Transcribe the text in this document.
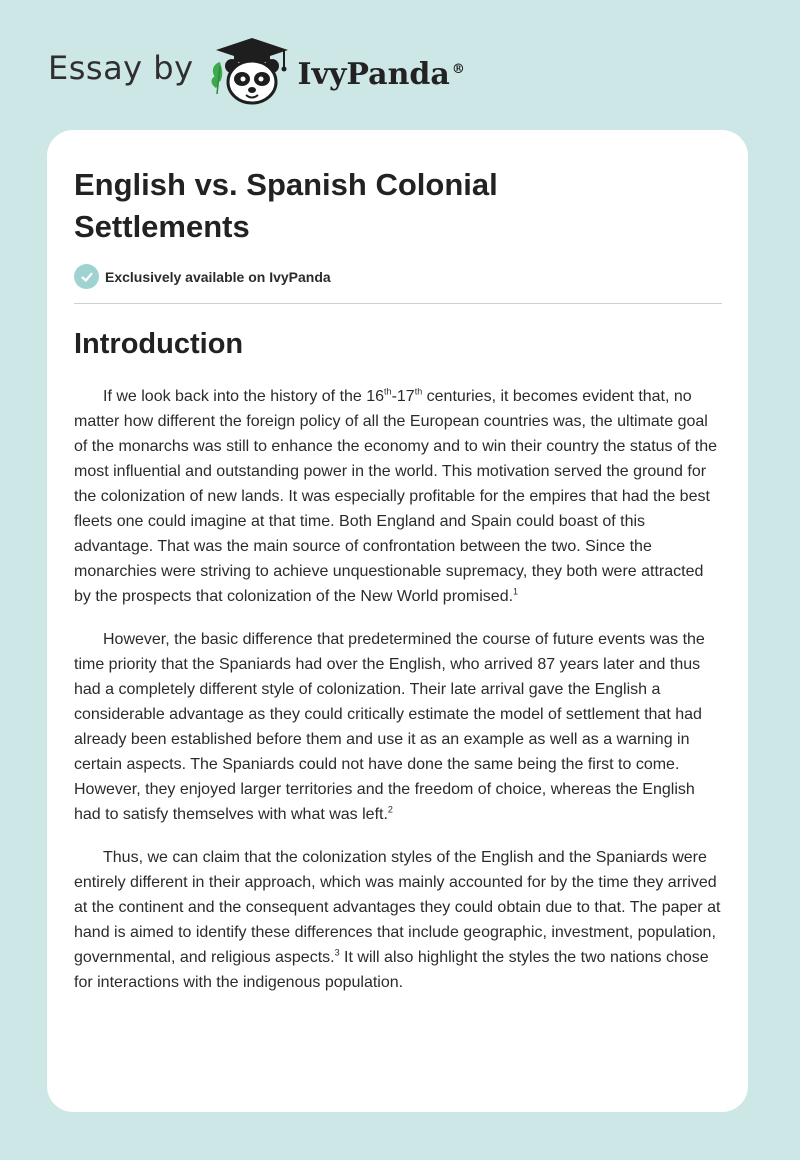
Essay by	IvyPanda ®
English vs. Spanish Colonial Settlements
Exclusively available on IvyPanda
Introduction

If we look back into the history of the 16th-17th centuries, it becomes evident that, no matter how different the foreign policy of all the European countries was, the ultimate goal of the monarchs was still to enhance the economy and to win their country the status of the most influential and outstanding power in the world. This motivation served the ground for the colonization of new lands. It was especially profitable for the empires that had the best fleets one could imagine at that time. Both England and Spain could boast of this advantage. That was the main source of confrontation between the two. Since the monarchies were striving to achieve unquestionable supremacy, they both were attracted by the prospects that colonization of the New World promised.$^1$

However, the basic difference that predetermined the course of future events was the time priority that the Spaniards had over the English, who arrived 87 years later and thus had a completely different style of colonization. Their late arrival gave the English a considerable advantage as they could critically estimate the model of settlement that had already been established before them and use it as an example as well as a warning in certain aspects. The Spaniards could not have done the same being the first to come. However, they enjoyed larger territories and the freedom of choice, whereas the English had to satisfy themselves with what was left.$^2$

Thus, we can claim that the colonization styles of the English and the Spaniards were entirely different in their approach, which was mainly accounted for by the time they arrived at the continent and the consequent advantages they could obtain due to that. The paper at hand is aimed to identify these differences that include geographic, investment, population, governmental, and religious aspects.$^3$ It will also highlight the styles the two nations chose for interactions with the indigenous population.
